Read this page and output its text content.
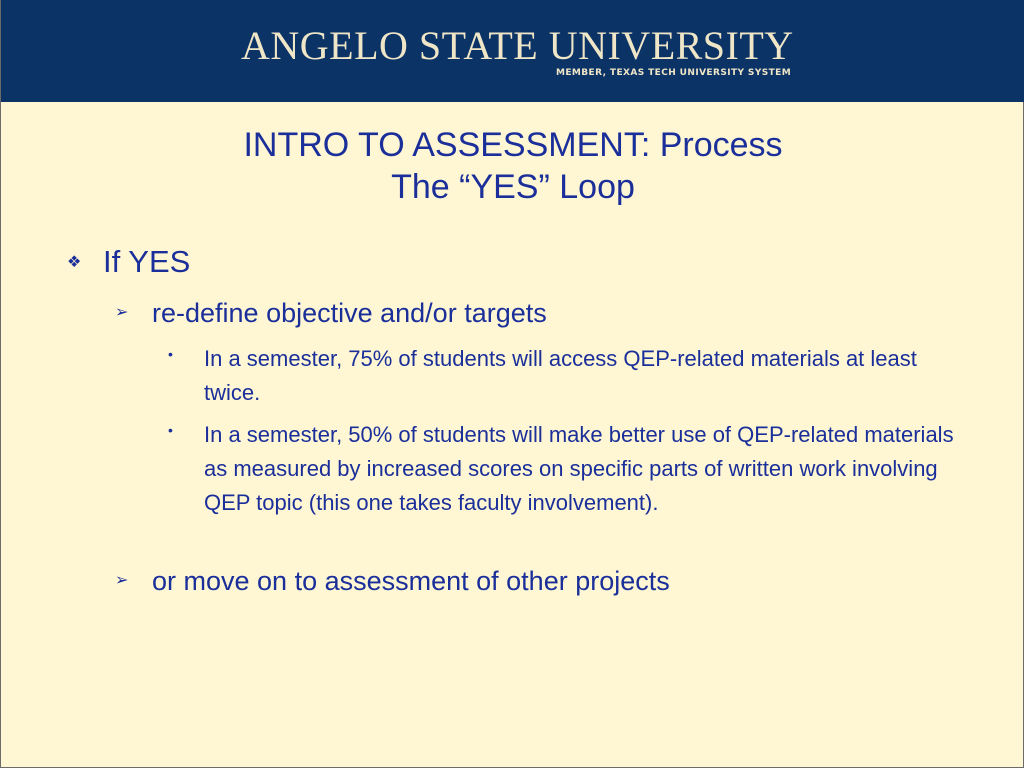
ANGELO STATE UNIVERSITY
MEMBER, TEXAS TECH UNIVERSITY SYSTEM
INTRO TO ASSESSMENT: Process
The “YES” Loop
❖ If YES
➢ re-define objective and/or targets
• In a semester, 75% of students will access QEP-related materials at least twice.
• In a semester, 50% of students will make better use of QEP-related materials as measured by increased scores on specific parts of written work involving QEP topic (this one takes faculty involvement).
➢ or move on to assessment of other projects
